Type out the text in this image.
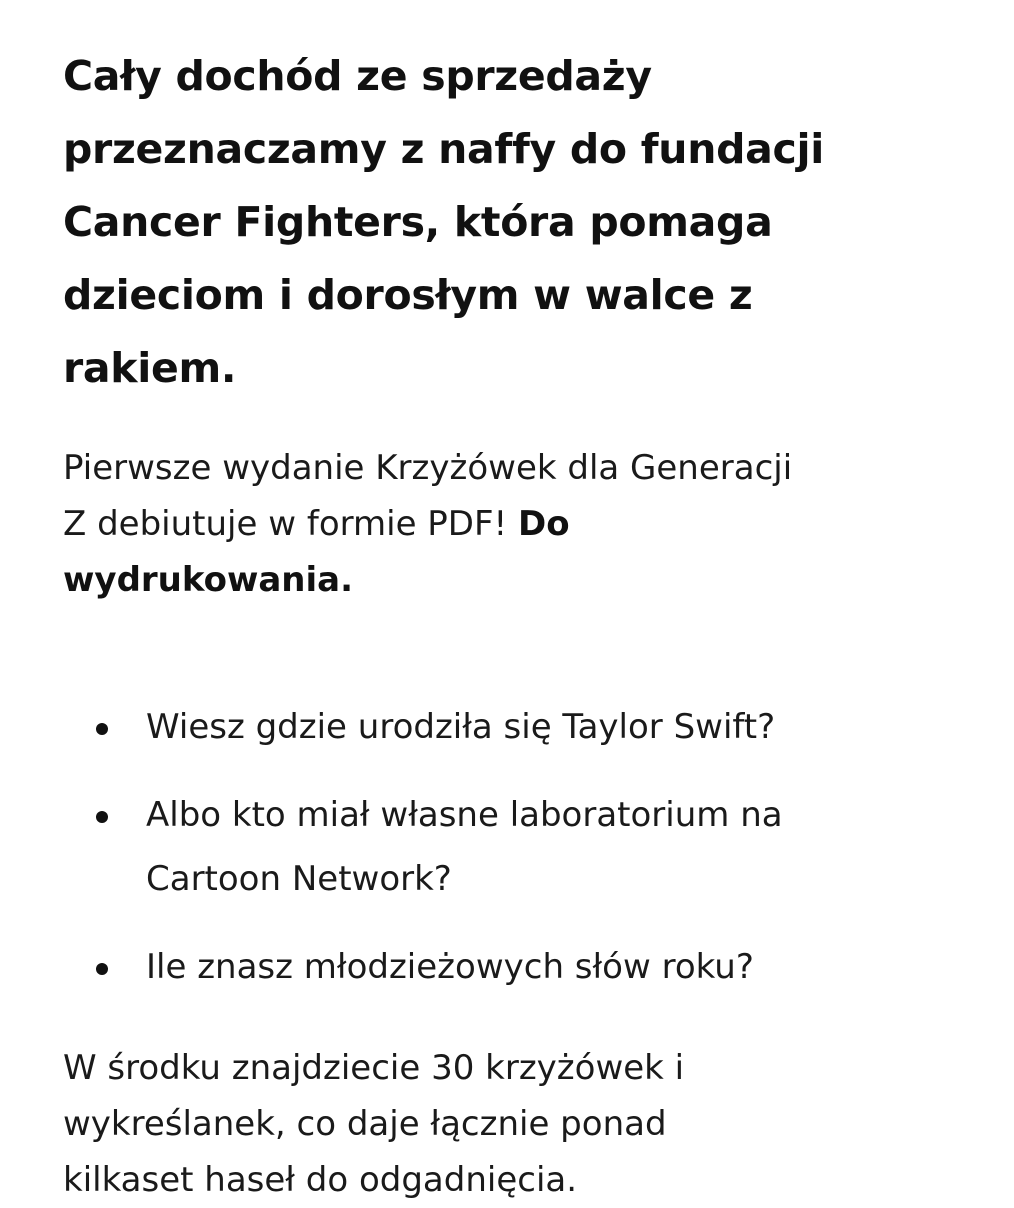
Cały dochód ze sprzedaży
przeznaczamy z naffy do fundacji
Cancer Fighters, która pomaga
dzieciom i dorosłym w walce z
rakiem.

Pierwsze wydanie Krzyżówek dla Generacji
Z debiutuje w formie PDF! Do
wydrukowania.

Wiesz gdzie urodziła się Taylor Swift?
Albo kto miał własne laboratorium na
Cartoon Network?
Ile znasz młodzieżowych słów roku?

W środku znajdziecie 30 krzyżówek i
wykreślanek, co daje łącznie ponad
kilkaset haseł do odgadnięcia.
